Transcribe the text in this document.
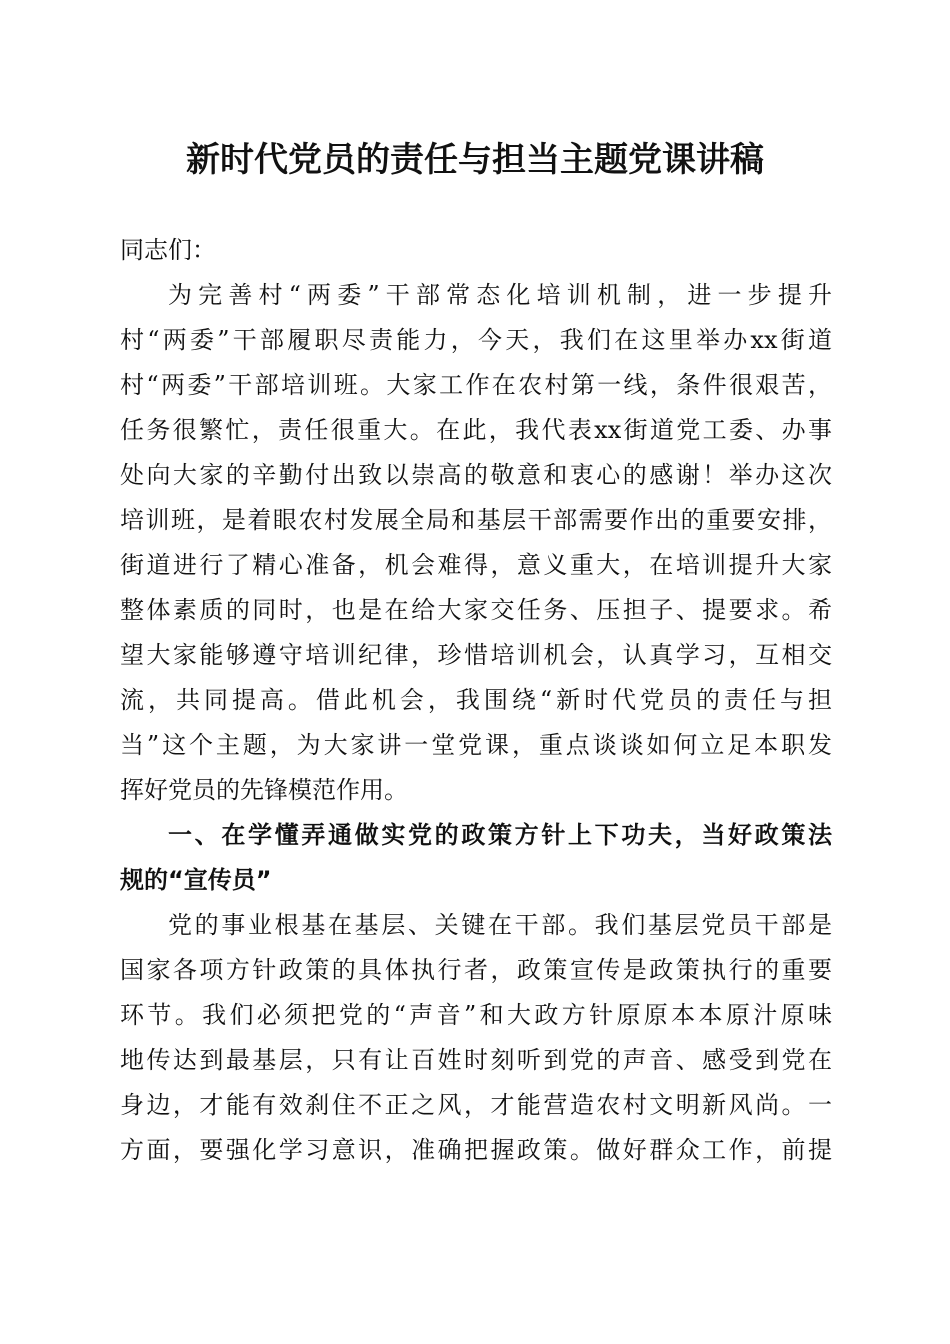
新时代党员的责任与担当主题党课讲稿
同志们：
为完善村“两委”干部常态化培训机制，进一步提升
村“两委”干部履职尽责能力，今天，我们在这里举办xx街道
村“两委”干部培训班。大家工作在农村第一线，条件很艰苦，
任务很繁忙，责任很重大。在此，我代表xx街道党工委、办事
处向大家的辛勤付出致以崇高的敬意和衷心的感谢！举办这次
培训班，是着眼农村发展全局和基层干部需要作出的重要安排，
街道进行了精心准备，机会难得，意义重大，在培训提升大家
整体素质的同时，也是在给大家交任务、压担子、提要求。希
望大家能够遵守培训纪律，珍惜培训机会，认真学习，互相交
流，共同提高。借此机会，我围绕“新时代党员的责任与担
当”这个主题，为大家讲一堂党课，重点谈谈如何立足本职发
挥好党员的先锋模范作用。
一、在学懂弄通做实党的政策方针上下功夫，当好政策法
规的“宣传员”
党的事业根基在基层、关键在干部。我们基层党员干部是
国家各项方针政策的具体执行者，政策宣传是政策执行的重要
环节。我们必须把党的“声音”和大政方针原原本本原汁原味
地传达到最基层，只有让百姓时刻听到党的声音、感受到党在
身边，才能有效刹住不正之风，才能营造农村文明新风尚。一
方面，要强化学习意识，准确把握政策。做好群众工作，前提
